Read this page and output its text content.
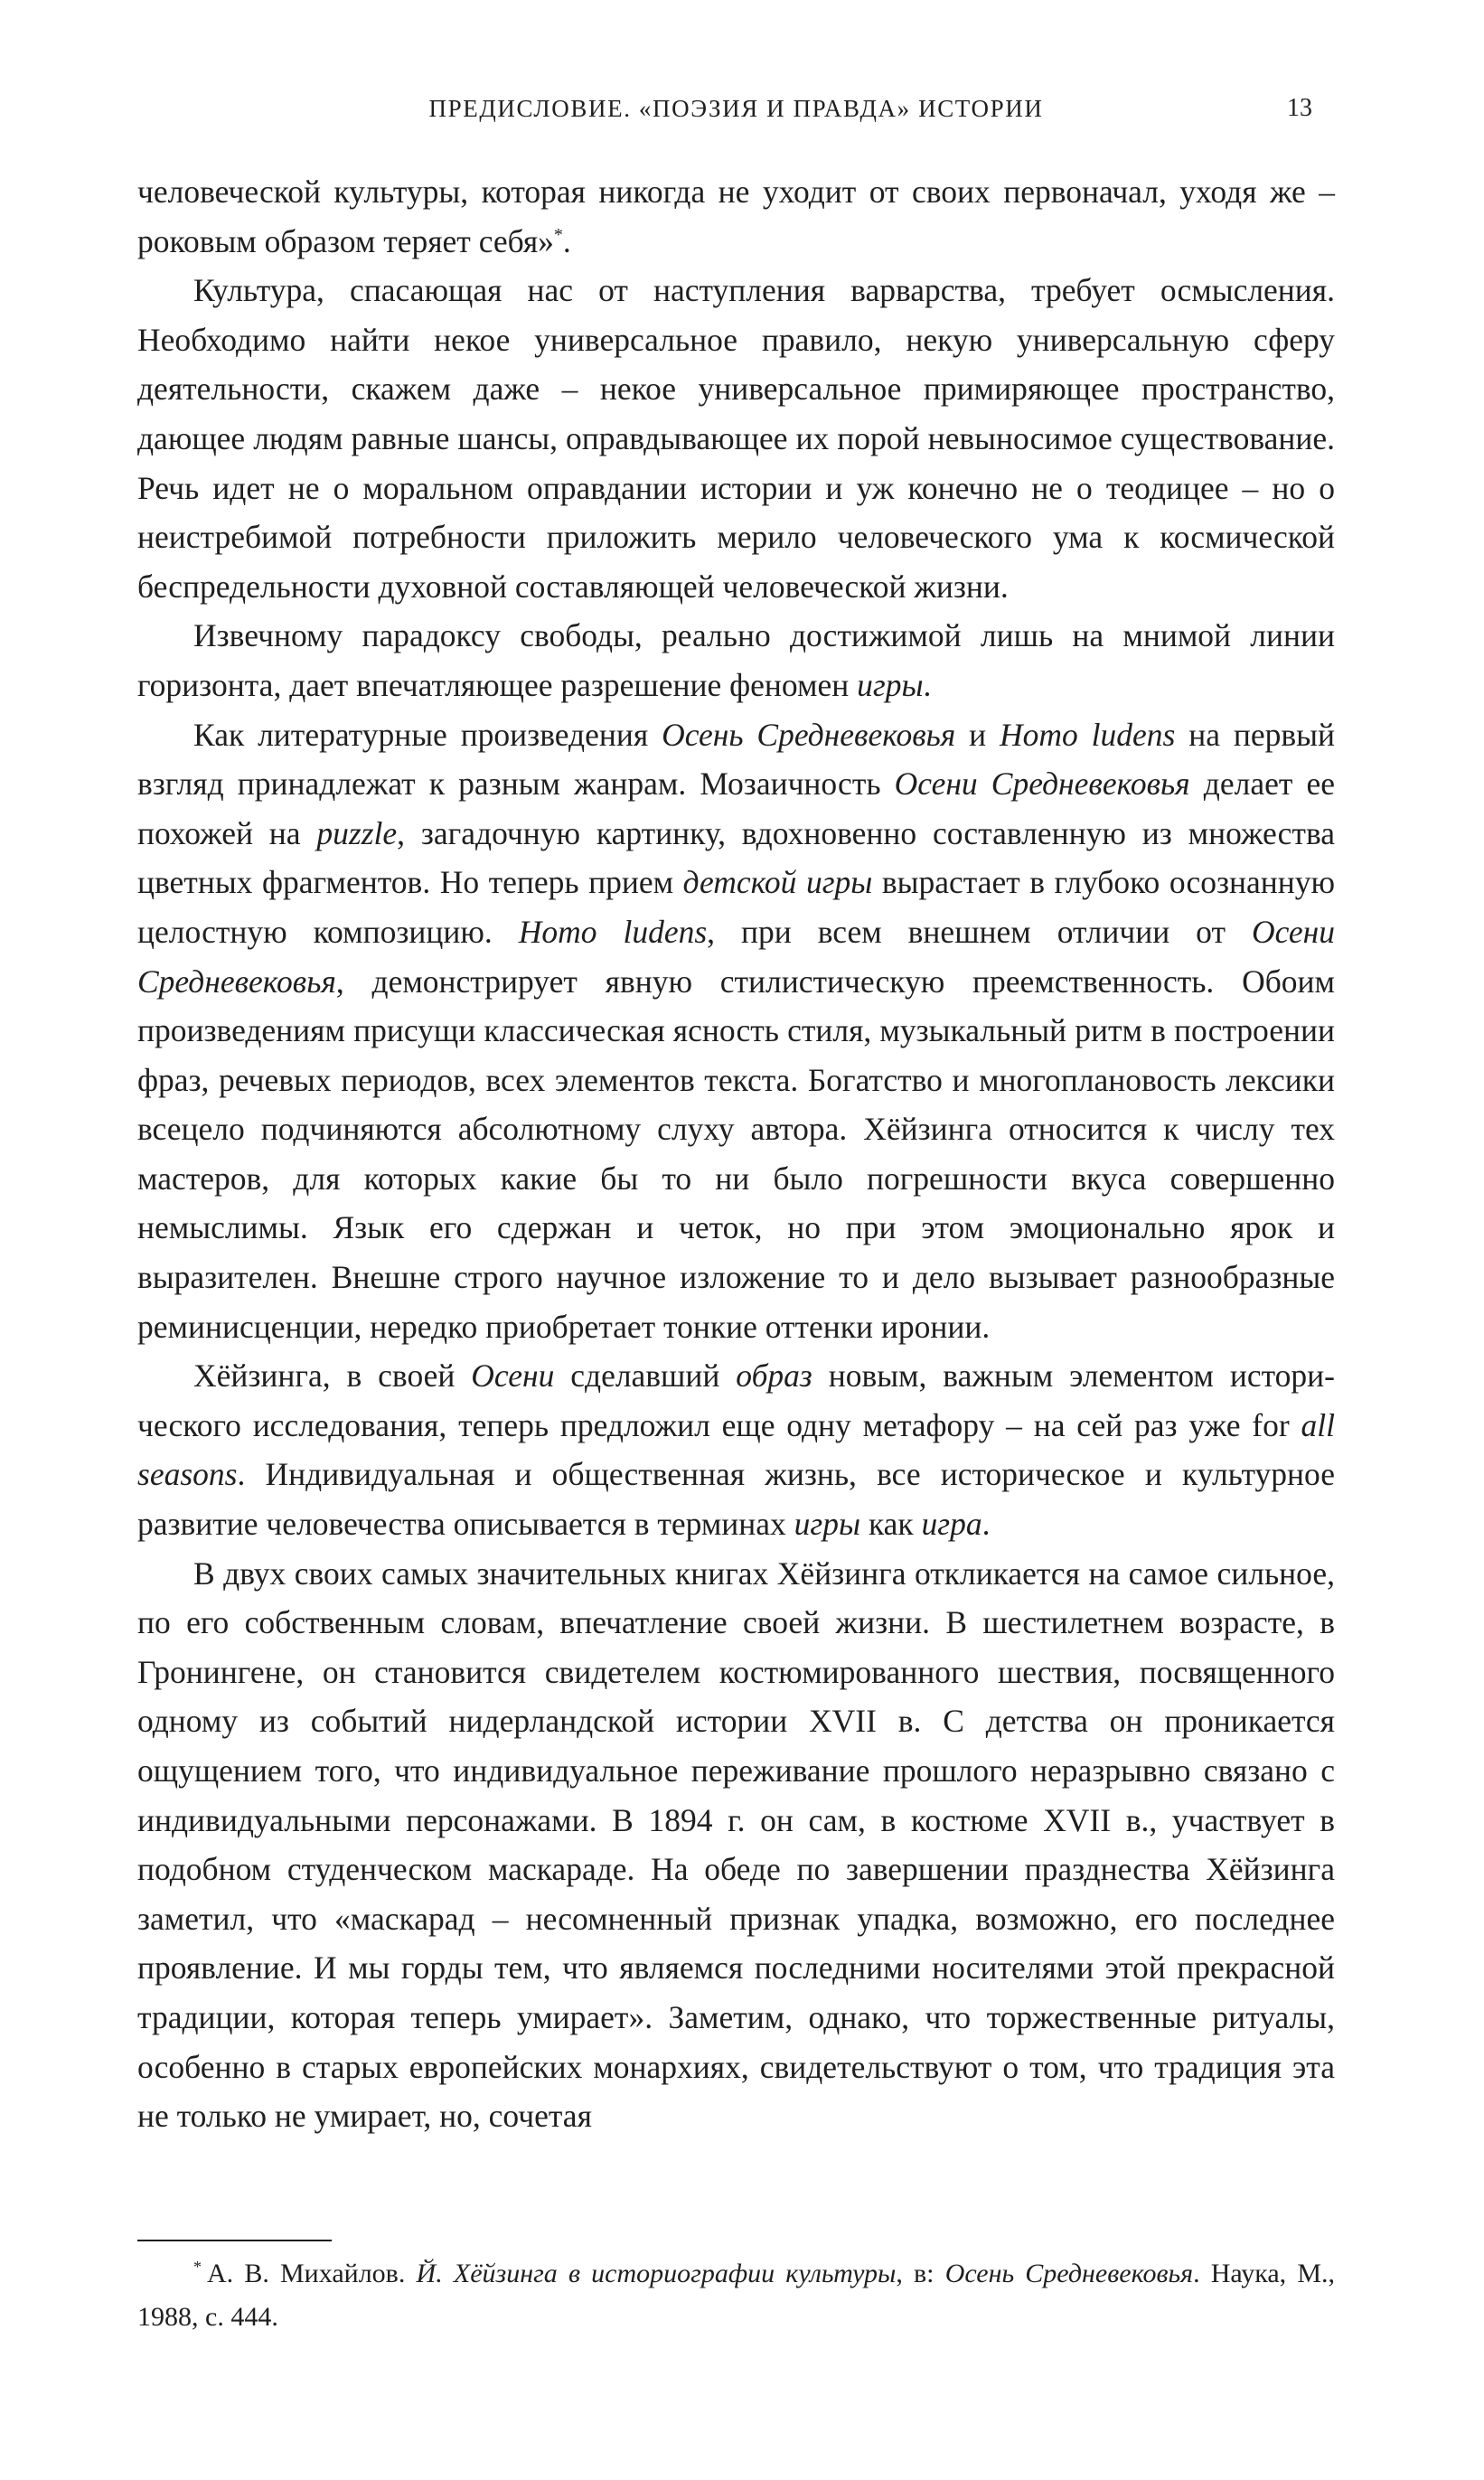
ПРЕДИСЛОВИЕ. «ПОЭЗИЯ И ПРАВДА» ИСТОРИИ	13

человеческой культуры, которая никогда не уходит от своих первоначал, уходя же – роковым образом теряет себя»*.

Культура, спасающая нас от наступления варварства, требует осмысления. Необходимо найти некое универсальное правило, некую универсальную сферу деятельности, скажем даже – некое универсальное примиряющее пространство, дающее людям равные шансы, оправдывающее их порой невыносимое существование. Речь идет не о моральном оправдании истории и уж конечно не о теодицее – но о неистребимой потребности приложить мерило человеческого ума к космической беспредельности духовной составляющей человеческой жизни.

Извечному парадоксу свободы, реально достижимой лишь на мнимой линии горизонта, дает впечатляющее разрешение феномен игры.

Как литературные произведения Осень Средневековья и Homo ludens на первый взгляд принадлежат к разным жанрам. Мозаичность Осени Средневековья делает ее похожей на puzzle, загадочную картинку, вдохновенно составленную из множества цветных фрагментов. Но теперь прием детской игры вырастает в глубоко осознанную целостную композицию. Homo ludens, при всем внешнем отличии от Осени Средневековья, демонстрирует явную стилистическую преемственность. Обоим произведениям присущи классическая ясность стиля, музыкальный ритм в построении фраз, речевых периодов, всех элементов текста. Богатство и многоплановость лексики всецело подчиняются абсолютному слуху автора. Хёйзинга относится к числу тех мастеров, для которых какие бы то ни было погрешности вкуса совершенно немыслимы. Язык его сдержан и четок, но при этом эмоционально ярок и выразителен. Внешне строго научное изложение то и дело вызывает разнообразные реминисценции, нередко приобретает тонкие оттенки иронии.

Хёйзинга, в своей Осени сделавший образ новым, важным элементом исторического исследования, теперь предложил еще одну метафору – на сей раз уже for all seasons. Индивидуальная и общественная жизнь, все историческое и культурное развитие человечества описывается в терминах игры как игра.

В двух своих самых значительных книгах Хёйзинга откликается на самое сильное, по его собственным словам, впечатление своей жизни. В шестилетнем возрасте, в Гронингене, он становится свидетелем костюмированного шествия, посвященного одному из событий нидерландской истории XVII в. С детства он проникается ощущением того, что индивидуальное переживание прошлого неразрывно связано с индивидуальными персонажами. В 1894 г. он сам, в костюме XVII в., участвует в подобном студенческом маскараде. На обеде по завершении празднества Хёйзинга заметил, что «маскарад – несомненный признак упадка, возможно, его последнее проявление. И мы горды тем, что являемся последними носителями этой прекрасной традиции, которая теперь умирает». Заметим, однако, что торжественные ритуалы, особенно в старых европейских монархиях, свидетельствуют о том, что традиция эта не только не умирает, но, сочетая

* А. В. Михайлов. Й. Хёйзинга в историографии культуры, в: Осень Средневековья. Наука, М., 1988, с. 444.
